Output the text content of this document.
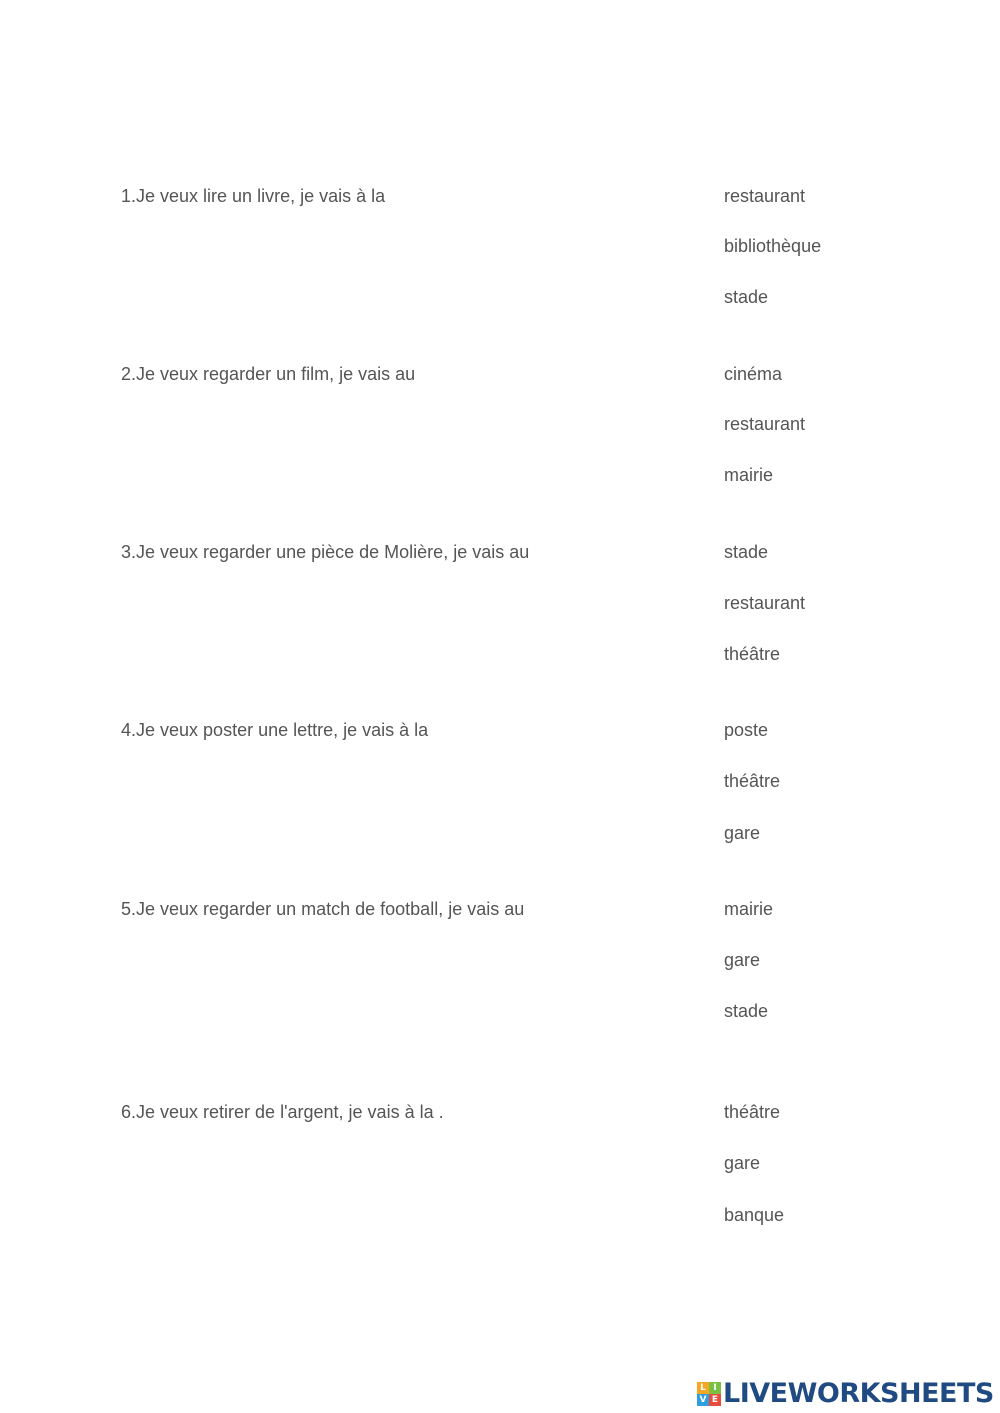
1.Je veux lire un livre, je vais à la	restaurant
bibliothèque
stade
2.Je veux regarder un film, je vais au	cinéma
restaurant
mairie
3.Je veux regarder une pièce de Molière, je vais au	stade
restaurant
théâtre
4.Je veux poster une lettre, je vais à la	poste
théâtre
gare
5.Je veux regarder un match de football, je vais au	mairie
gare
stade
6.Je veux retirer de l'argent, je vais à la .	théâtre
gare
banque
L I
V E LIVEWORKSHEETS
